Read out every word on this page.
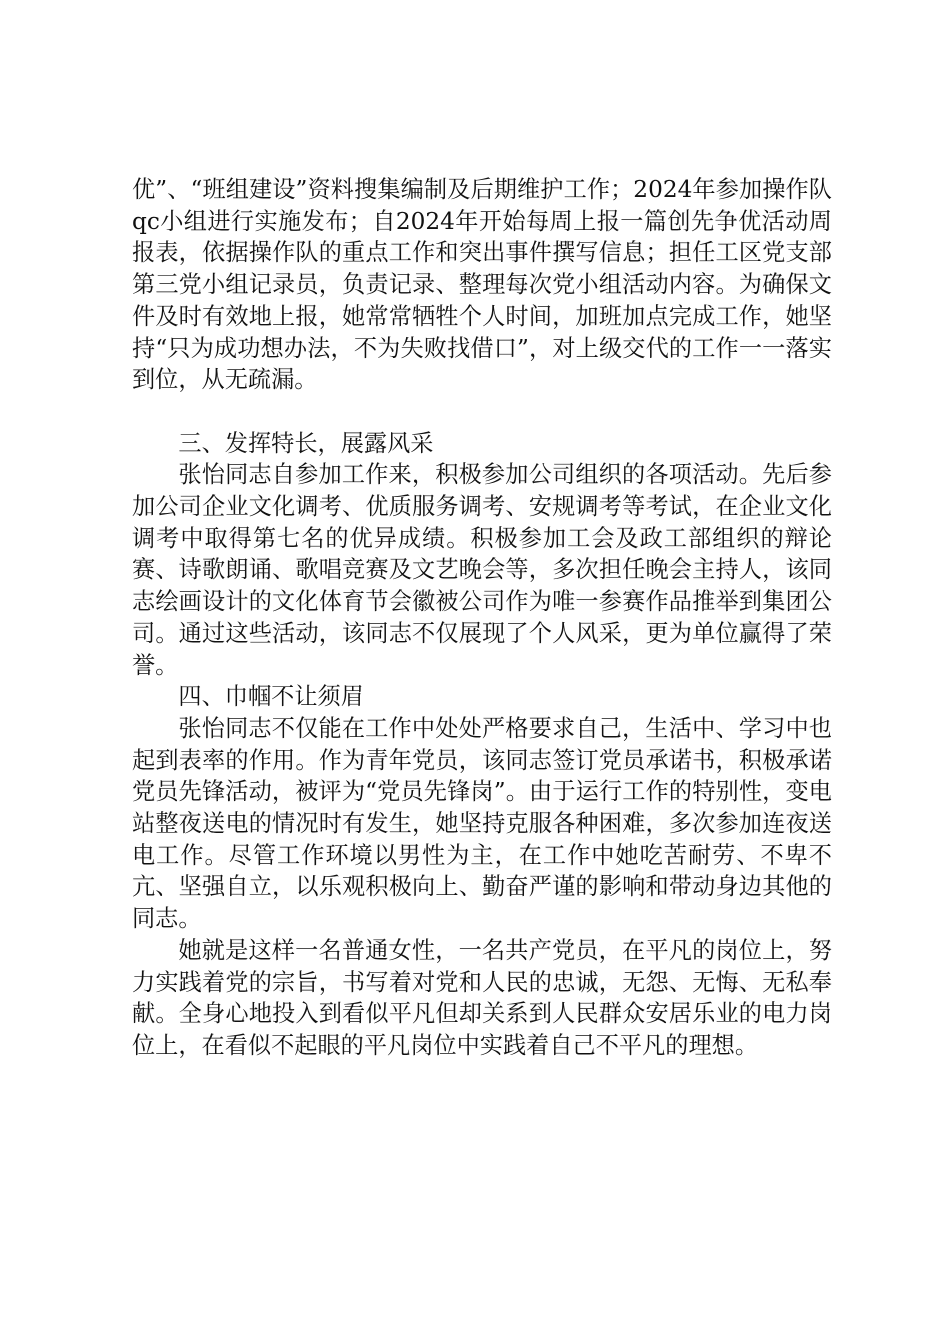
优”、“班组建设”资料搜集编制及后期维护工作；2024年参加操作队qc小组进行实施发布；自2024年开始每周上报一篇创先争优活动周报表，依据操作队的重点工作和突出事件撰写信息；担任工区党支部第三党小组记录员，负责记录、整理每次党小组活动内容。为确保文件及时有效地上报，她常常牺牲个人时间，加班加点完成工作，她坚持“只为成功想办法，不为失败找借口”，对上级交代的工作一一落实到位，从无疏漏。

三、发挥特长，展露风采

张怡同志自参加工作来，积极参加公司组织的各项活动。先后参加公司企业文化调考、优质服务调考、安规调考等考试，在企业文化调考中取得第七名的优异成绩。积极参加工会及政工部组织的辩论赛、诗歌朗诵、歌唱竞赛及文艺晚会等，多次担任晚会主持人，该同志绘画设计的文化体育节会徽被公司作为唯一参赛作品推举到集团公司。通过这些活动，该同志不仅展现了个人风采，更为单位赢得了荣誉。

四、巾帼不让须眉

张怡同志不仅能在工作中处处严格要求自己，生活中、学习中也起到表率的作用。作为青年党员，该同志签订党员承诺书，积极承诺党员先锋活动，被评为“党员先锋岗”。由于运行工作的特别性，变电站整夜送电的情况时有发生，她坚持克服各种困难，多次参加连夜送电工作。尽管工作环境以男性为主，在工作中她吃苦耐劳、不卑不亢、坚强自立，以乐观积极向上、勤奋严谨的影响和带动身边其他的同志。

她就是这样一名普通女性，一名共产党员，在平凡的岗位上，努力实践着党的宗旨，书写着对党和人民的忠诚，无怨、无悔、无私奉献。全身心地投入到看似平凡但却关系到人民群众安居乐业的电力岗位上，在看似不起眼的平凡岗位中实践着自己不平凡的理想。
